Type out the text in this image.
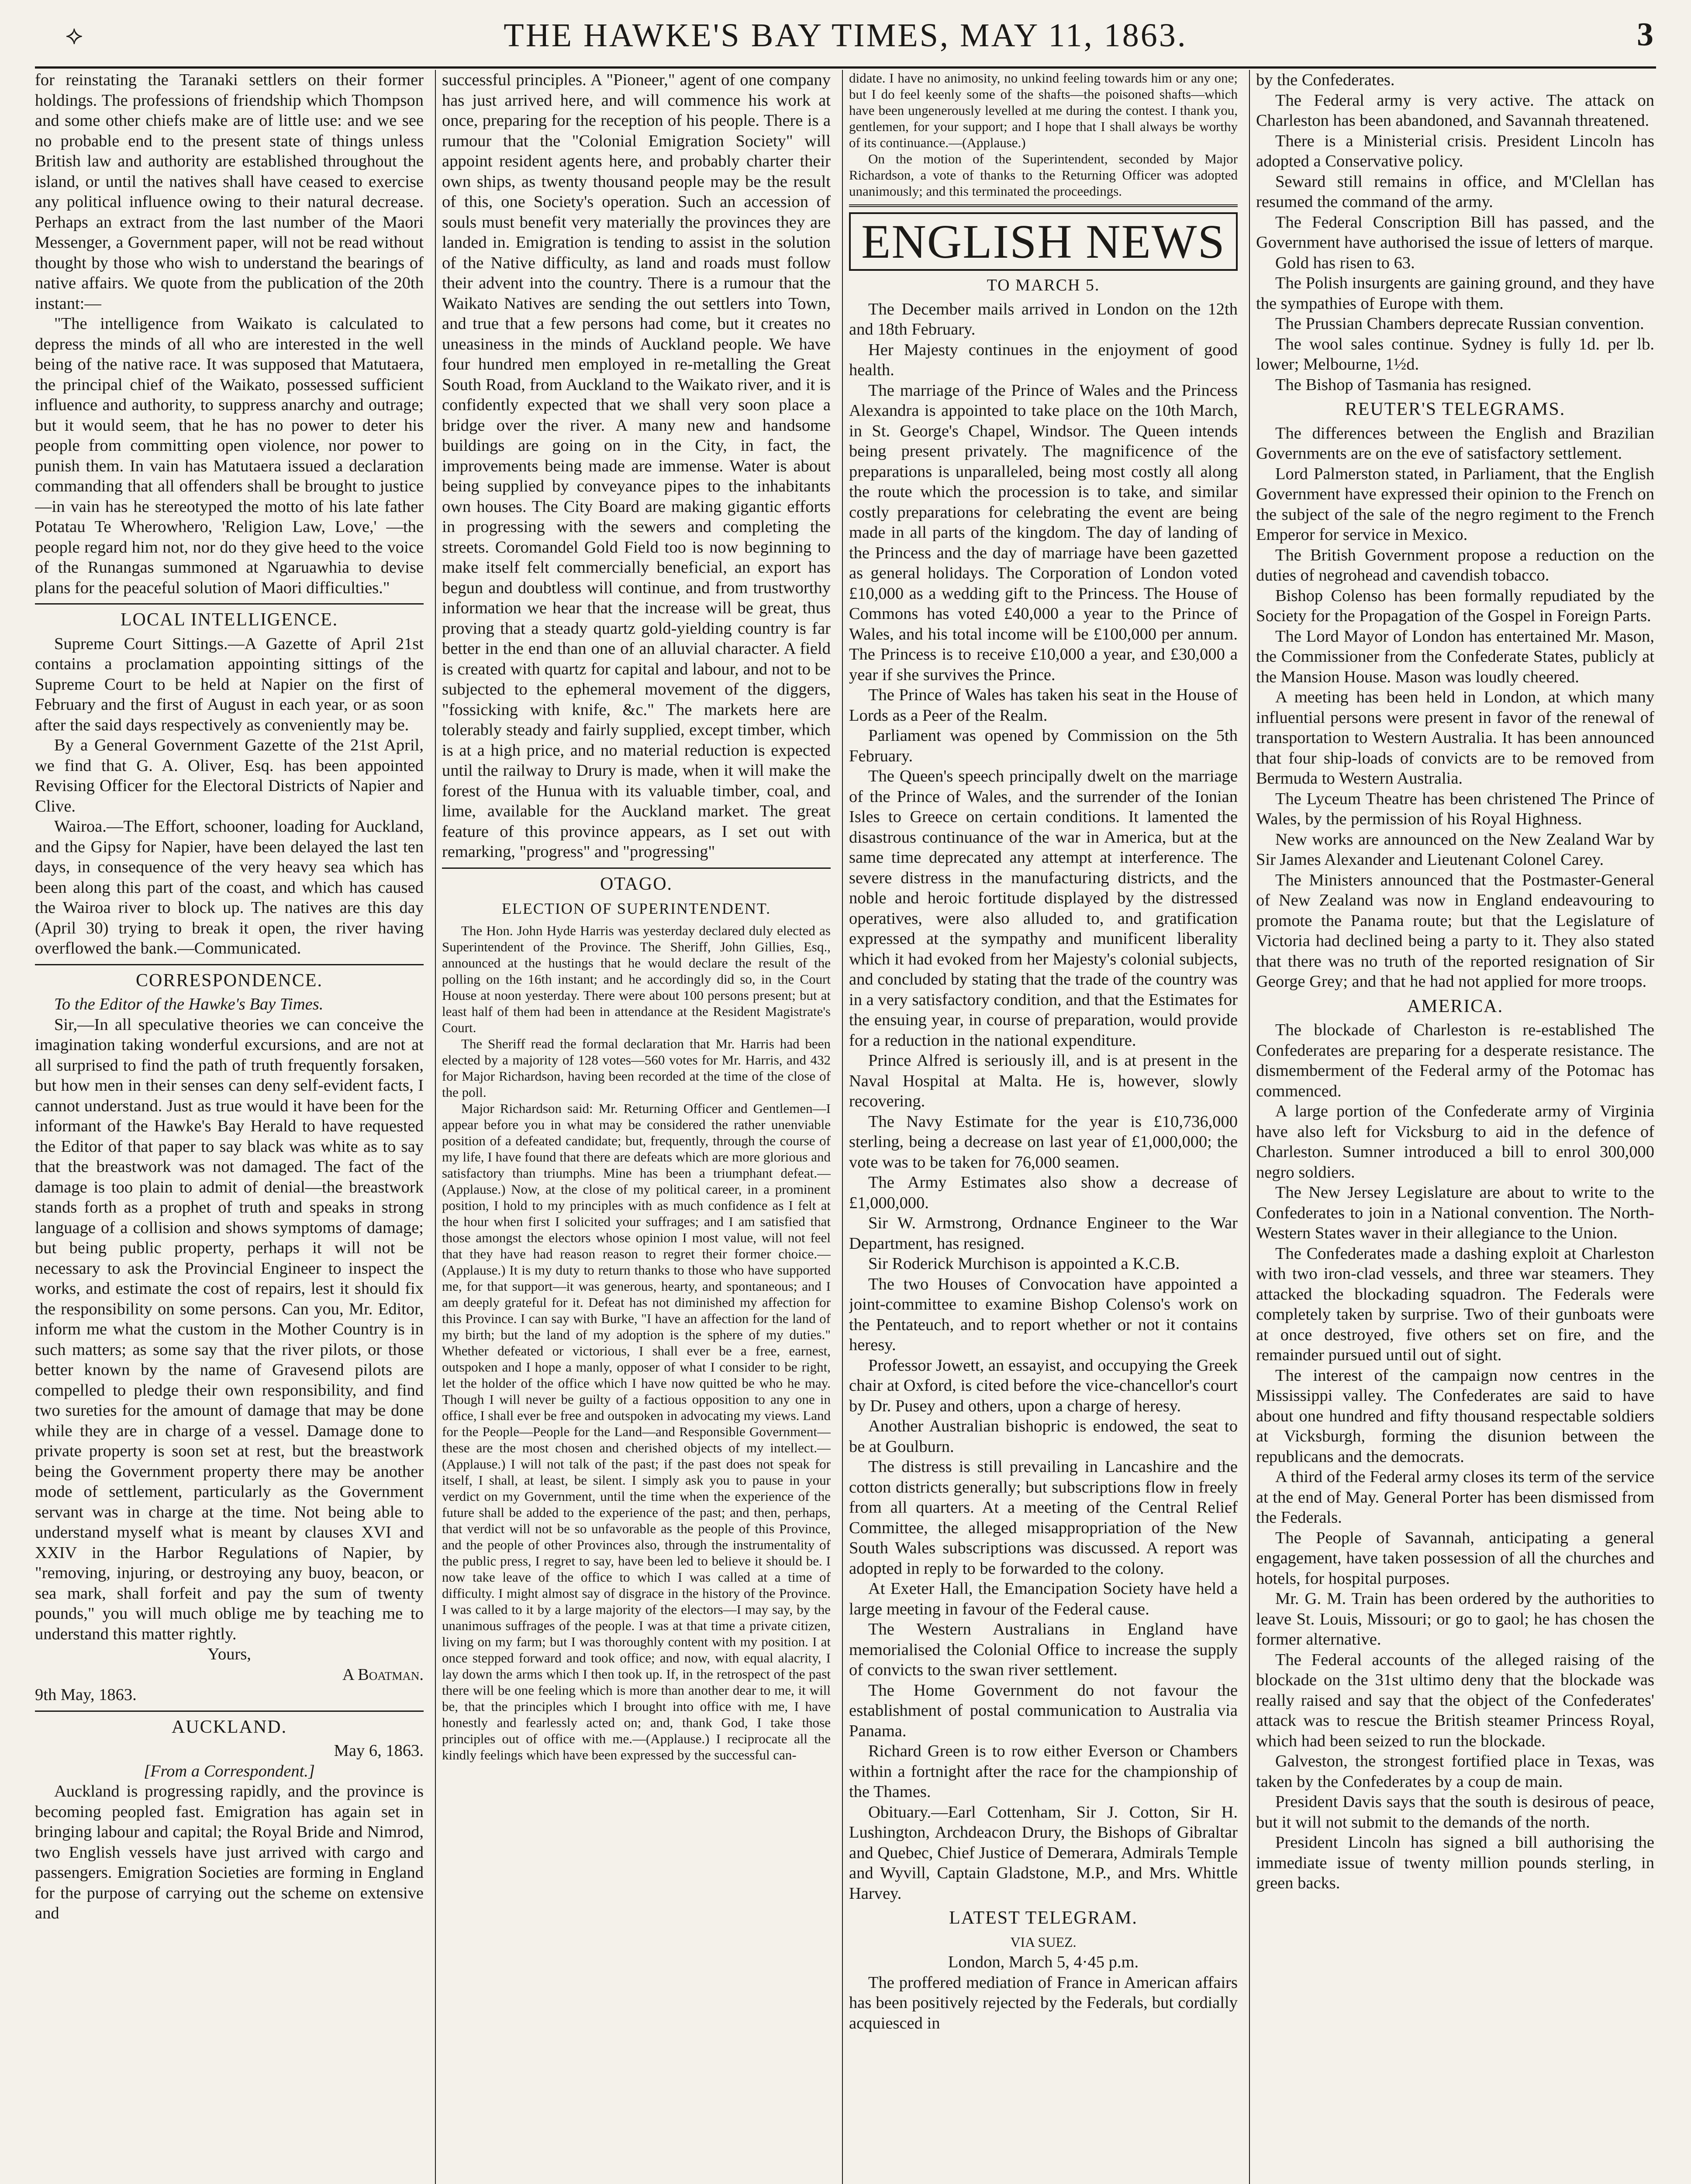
⟡	THE HAWKE'S BAY TIMES, MAY 11, 1863.	3

for reinstating the Taranaki settlers on their former holdings. The professions of friendship which Thompson and some other chiefs make are of little use: and we see no probable end to the present state of things unless British law and authority are established throughout the island, or until the natives shall have ceased to exercise any political influence owing to their natural decrease. Perhaps an extract from the last number of the Maori Messenger, a Government paper, will not be read without thought by those who wish to understand the bearings of native affairs. We quote from the publication of the 20th instant:—

"The intelligence from Waikato is calculated to depress the minds of all who are interested in the well being of the native race. It was supposed that Matutaera, the principal chief of the Waikato, possessed sufficient influence and authority, to suppress anarchy and outrage; but it would seem, that he has no power to deter his people from committing open violence, nor power to punish them. In vain has Matutaera issued a declaration commanding that all offenders shall be brought to justice—in vain has he stereotyped the motto of his late father Potatau Te Wherowhero, 'Religion Law, Love,' —the people regard him not, nor do they give heed to the voice of the Runangas summoned at Ngaruawhia to devise plans for the peaceful solution of Maori difficulties."

LOCAL INTELLIGENCE.

Supreme Court Sittings.—A Gazette of April 21st contains a proclamation appointing sittings of the Supreme Court to be held at Napier on the first of February and the first of August in each year, or as soon after the said days respectively as conveniently may be.

By a General Government Gazette of the 21st April, we find that G. A. Oliver, Esq. has been appointed Revising Officer for the Electoral Districts of Napier and Clive.

Wairoa.—The Effort, schooner, loading for Auckland, and the Gipsy for Napier, have been delayed the last ten days, in consequence of the very heavy sea which has been along this part of the coast, and which has caused the Wairoa river to block up. The natives are this day (April 30) trying to break it open, the river having overflowed the bank.—Communicated.

CORRESPONDENCE.

To the Editor of the Hawke's Bay Times.

Sir,—In all speculative theories we can conceive the imagination taking wonderful excursions, and are not at all surprised to find the path of truth frequently forsaken, but how men in their senses can deny self-evident facts, I cannot understand. Just as true would it have been for the informant of the Hawke's Bay Herald to have requested the Editor of that paper to say black was white as to say that the breastwork was not damaged. The fact of the damage is too plain to admit of denial—the breastwork stands forth as a prophet of truth and speaks in strong language of a collision and shows symptoms of damage; but being public property, perhaps it will not be necessary to ask the Provincial Engineer to inspect the works, and estimate the cost of repairs, lest it should fix the responsibility on some persons. Can you, Mr. Editor, inform me what the custom in the Mother Country is in such matters; as some say that the river pilots, or those better known by the name of Gravesend pilots are compelled to pledge their own responsibility, and find two sureties for the amount of damage that may be done while they are in charge of a vessel. Damage done to private property is soon set at rest, but the breastwork being the Government property there may be another mode of settlement, particularly as the Government servant was in charge at the time. Not being able to understand myself what is meant by clauses XVI and XXIV in the Harbor Regulations of Napier, by "removing, injuring, or destroying any buoy, beacon, or sea mark, shall forfeit and pay the sum of twenty pounds," you will much oblige me by teaching me to understand this matter rightly.

Yours,

A Boatman.

9th May, 1863.

AUCKLAND.

May 6, 1863.

[From a Correspondent.]

Auckland is progressing rapidly, and the province is becoming peopled fast. Emigration has again set in bringing labour and capital; the Royal Bride and Nimrod, two English vessels have just arrived with cargo and passengers. Emigration Societies are forming in England for the purpose of carrying out the scheme on extensive and

successful principles. A "Pioneer," agent of one company has just arrived here, and will commence his work at once, preparing for the reception of his people. There is a rumour that the "Colonial Emigration Society" will appoint resident agents here, and probably charter their own ships, as twenty thousand people may be the result of this, one Society's operation. Such an accession of souls must benefit very materially the provinces they are landed in. Emigration is tending to assist in the solution of the Native difficulty, as land and roads must follow their advent into the country. There is a rumour that the Waikato Natives are sending the out settlers into Town, and true that a few persons had come, but it creates no uneasiness in the minds of Auckland people. We have four hundred men employed in re-metalling the Great South Road, from Auckland to the Waikato river, and it is confidently expected that we shall very soon place a bridge over the river. A many new and handsome buildings are going on in the City, in fact, the improvements being made are immense. Water is about being supplied by conveyance pipes to the inhabitants own houses. The City Board are making gigantic efforts in progressing with the sewers and completing the streets. Coromandel Gold Field too is now beginning to make itself felt commercially beneficial, an export has begun and doubtless will continue, and from trustworthy information we hear that the increase will be great, thus proving that a steady quartz gold-yielding country is far better in the end than one of an alluvial character. A field is created with quartz for capital and labour, and not to be subjected to the ephemeral movement of the diggers, "fossicking with knife, &c." The markets here are tolerably steady and fairly supplied, except timber, which is at a high price, and no material reduction is expected until the railway to Drury is made, when it will make the forest of the Hunua with its valuable timber, coal, and lime, available for the Auckland market. The great feature of this province appears, as I set out with remarking, "progress" and "progressing"

OTAGO.
ELECTION OF SUPERINTENDENT.

The Hon. John Hyde Harris was yesterday declared duly elected as Superintendent of the Province. The Sheriff, John Gillies, Esq., announced at the hustings that he would declare the result of the polling on the 16th instant; and he accordingly did so, in the Court House at noon yesterday. There were about 100 persons present; but at least half of them had been in attendance at the Resident Magistrate's Court.

The Sheriff read the formal declaration that Mr. Harris had been elected by a majority of 128 votes—560 votes for Mr. Harris, and 432 for Major Richardson, having been recorded at the time of the close of the poll.

Major Richardson said: Mr. Returning Officer and Gentlemen—I appear before you in what may be considered the rather unenviable position of a defeated candidate; but, frequently, through the course of my life, I have found that there are defeats which are more glorious and satisfactory than triumphs. Mine has been a triumphant defeat.—(Applause.) Now, at the close of my political career, in a prominent position, I hold to my principles with as much confidence as I felt at the hour when first I solicited your suffrages; and I am satisfied that those amongst the electors whose opinion I most value, will not feel that they have had reason reason to regret their former choice.—(Applause.) It is my duty to return thanks to those who have supported me, for that support—it was generous, hearty, and spontaneous; and I am deeply grateful for it. Defeat has not diminished my affection for this Province. I can say with Burke, "I have an affection for the land of my birth; but the land of my adoption is the sphere of my duties." Whether defeated or victorious, I shall ever be a free, earnest, outspoken and I hope a manly, opposer of what I consider to be right, let the holder of the office which I have now quitted be who he may. Though I will never be guilty of a factious opposition to any one in office, I shall ever be free and outspoken in advocating my views. Land for the People—People for the Land—and Responsible Government—these are the most chosen and cherished objects of my intellect.—(Applause.) I will not talk of the past; if the past does not speak for itself, I shall, at least, be silent. I simply ask you to pause in your verdict on my Government, until the time when the experience of the future shall be added to the experience of the past; and then, perhaps, that verdict will not be so unfavorable as the people of this Province, and the people of other Provinces also, through the instrumentality of the public press, I regret to say, have been led to believe it should be. I now take leave of the office to which I was called at a time of difficulty. I might almost say of disgrace in the history of the Province. I was called to it by a large majority of the electors—I may say, by the unanimous suffrages of the people. I was at that time a private citizen, living on my farm; but I was thoroughly content with my position. I at once stepped forward and took office; and now, with equal alacrity, I lay down the arms which I then took up. If, in the retrospect of the past there will be one feeling which is more than another dear to me, it will be, that the principles which I brought into office with me, I have honestly and fearlessly acted on; and, thank God, I take those principles out of office with me.—(Applause.) I reciprocate all the kindly feelings which have been expressed by the successful can-

didate. I have no animosity, no unkind feeling towards him or any one; but I do feel keenly some of the shafts—the poisoned shafts—which have been ungenerously levelled at me during the contest. I thank you, gentlemen, for your support; and I hope that I shall always be worthy of its continuance.—(Applause.)

On the motion of the Superintendent, seconded by Major Richardson, a vote of thanks to the Returning Officer was adopted unanimously; and this terminated the proceedings.

ENGLISH NEWS
TO MARCH 5.

The December mails arrived in London on the 12th and 18th February.

Her Majesty continues in the enjoyment of good health.

The marriage of the Prince of Wales and the Princess Alexandra is appointed to take place on the 10th March, in St. George's Chapel, Windsor. The Queen intends being present privately. The magnificence of the preparations is unparalleled, being most costly all along the route which the procession is to take, and similar costly preparations for celebrating the event are being made in all parts of the kingdom. The day of landing of the Princess and the day of marriage have been gazetted as general holidays. The Corporation of London voted £10,000 as a wedding gift to the Princess. The House of Commons has voted £40,000 a year to the Prince of Wales, and his total income will be £100,000 per annum. The Princess is to receive £10,000 a year, and £30,000 a year if she survives the Prince.

The Prince of Wales has taken his seat in the House of Lords as a Peer of the Realm.

Parliament was opened by Commission on the 5th February.

The Queen's speech principally dwelt on the marriage of the Prince of Wales, and the surrender of the Ionian Isles to Greece on certain conditions. It lamented the disastrous continuance of the war in America, but at the same time deprecated any attempt at interference. The severe distress in the manufacturing districts, and the noble and heroic fortitude displayed by the distressed operatives, were also alluded to, and gratification expressed at the sympathy and munificent liberality which it had evoked from her Majesty's colonial subjects, and concluded by stating that the trade of the country was in a very satisfactory condition, and that the Estimates for the ensuing year, in course of preparation, would provide for a reduction in the national expenditure.

Prince Alfred is seriously ill, and is at present in the Naval Hospital at Malta. He is, however, slowly recovering.

The Navy Estimate for the year is £10,736,000 sterling, being a decrease on last year of £1,000,000; the vote was to be taken for 76,000 seamen.

The Army Estimates also show a decrease of £1,000,000.

Sir W. Armstrong, Ordnance Engineer to the War Department, has resigned.

Sir Roderick Murchison is appointed a K.C.B.

The two Houses of Convocation have appointed a joint-committee to examine Bishop Colenso's work on the Pentateuch, and to report whether or not it contains heresy.

Professor Jowett, an essayist, and occupying the Greek chair at Oxford, is cited before the vice-chancellor's court by Dr. Pusey and others, upon a charge of heresy.

Another Australian bishopric is endowed, the seat to be at Goulburn.

The distress is still prevailing in Lancashire and the cotton districts generally; but subscriptions flow in freely from all quarters. At a meeting of the Central Relief Committee, the alleged misappropriation of the New South Wales subscriptions was discussed. A report was adopted in reply to be forwarded to the colony.

At Exeter Hall, the Emancipation Society have held a large meeting in favour of the Federal cause.

The Western Australians in England have memorialised the Colonial Office to increase the supply of convicts to the swan river settlement.

The Home Government do not favour the establishment of postal communication to Australia via Panama.

Richard Green is to row either Everson or Chambers within a fortnight after the race for the championship of the Thames.

Obituary.—Earl Cottenham, Sir J. Cotton, Sir H. Lushington, Archdeacon Drury, the Bishops of Gibraltar and Quebec, Chief Justice of Demerara, Admirals Temple and Wyvill, Captain Gladstone, M.P., and Mrs. Whittle Harvey.

LATEST TELEGRAM.

VIA SUEZ.

London, March 5, 4·45 p.m.

The proffered mediation of France in American affairs has been positively rejected by the Federals, but cordially acquiesced in

by the Confederates.

The Federal army is very active. The attack on Charleston has been abandoned, and Savannah threatened.

There is a Ministerial crisis. President Lincoln has adopted a Conservative policy.

Seward still remains in office, and M'Clellan has resumed the command of the army.

The Federal Conscription Bill has passed, and the Government have authorised the issue of letters of marque.

Gold has risen to 63.

The Polish insurgents are gaining ground, and they have the sympathies of Europe with them.

The Prussian Chambers deprecate Russian convention.

The wool sales continue. Sydney is fully 1d. per lb. lower; Melbourne, 1½d.

The Bishop of Tasmania has resigned.

REUTER'S TELEGRAMS.

The differences between the English and Brazilian Governments are on the eve of satisfactory settlement.

Lord Palmerston stated, in Parliament, that the English Government have expressed their opinion to the French on the subject of the sale of the negro regiment to the French Emperor for service in Mexico.

The British Government propose a reduction on the duties of negrohead and cavendish tobacco.

Bishop Colenso has been formally repudiated by the Society for the Propagation of the Gospel in Foreign Parts.

The Lord Mayor of London has entertained Mr. Mason, the Commissioner from the Confederate States, publicly at the Mansion House. Mason was loudly cheered.

A meeting has been held in London, at which many influential persons were present in favor of the renewal of transportation to Western Australia. It has been announced that four ship-loads of convicts are to be removed from Bermuda to Western Australia.

The Lyceum Theatre has been christened The Prince of Wales, by the permission of his Royal Highness.

New works are announced on the New Zealand War by Sir James Alexander and Lieutenant Colonel Carey.

The Ministers announced that the Postmaster-General of New Zealand was now in England endeavouring to promote the Panama route; but that the Legislature of Victoria had declined being a party to it. They also stated that there was no truth of the reported resignation of Sir George Grey; and that he had not applied for more troops.

AMERICA.

The blockade of Charleston is re-established The Confederates are preparing for a desperate resistance. The dismemberment of the Federal army of the Potomac has commenced.

A large portion of the Confederate army of Virginia have also left for Vicksburg to aid in the defence of Charleston. Sumner introduced a bill to enrol 300,000 negro soldiers.

The New Jersey Legislature are about to write to the Confederates to join in a National convention. The North-Western States waver in their allegiance to the Union.

The Confederates made a dashing exploit at Charleston with two iron-clad vessels, and three war steamers. They attacked the blockading squadron. The Federals were completely taken by surprise. Two of their gunboats were at once destroyed, five others set on fire, and the remainder pursued until out of sight.

The interest of the campaign now centres in the Mississippi valley. The Confederates are said to have about one hundred and fifty thousand respectable soldiers at Vicksburgh, forming the disunion between the republicans and the democrats.

A third of the Federal army closes its term of the service at the end of May. General Porter has been dismissed from the Federals.

The People of Savannah, anticipating a general engagement, have taken possession of all the churches and hotels, for hospital purposes.

Mr. G. M. Train has been ordered by the authorities to leave St. Louis, Missouri; or go to gaol; he has chosen the former alternative.

The Federal accounts of the alleged raising of the blockade on the 31st ultimo deny that the blockade was really raised and say that the object of the Confederates' attack was to rescue the British steamer Princess Royal, which had been seized to run the blockade.

Galveston, the strongest fortified place in Texas, was taken by the Confederates by a coup de main.

President Davis says that the south is desirous of peace, but it will not submit to the demands of the north.

President Lincoln has signed a bill authorising the immediate issue of twenty million pounds sterling, in green backs.
